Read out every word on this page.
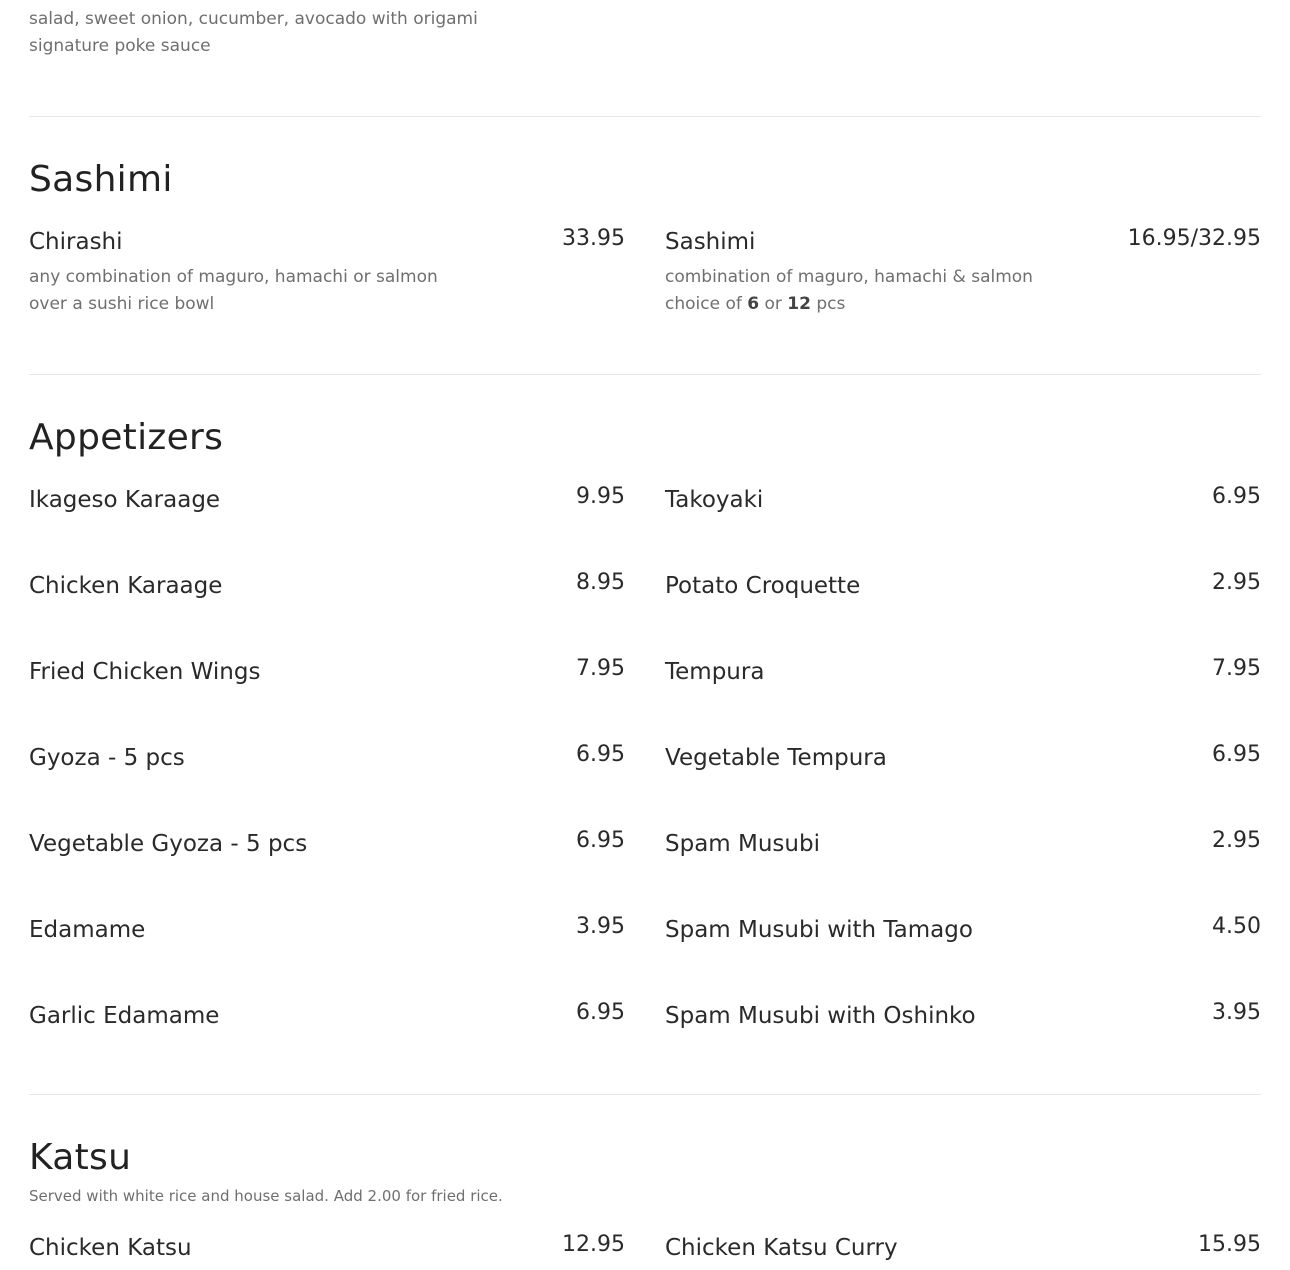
salad, sweet onion, cucumber, avocado with origami
signature poke sauce
Sashimi
Chirashi	33.95
any combination of maguro, hamachi or salmon
over a sushi rice bowl
Sashimi	16.95/32.95
combination of maguro, hamachi & salmon
choice of 6 or 12 pcs
Appetizers
Ikageso Karaage	9.95
Chicken Karaage	8.95
Fried Chicken Wings	7.95
Gyoza - 5 pcs	6.95
Vegetable Gyoza - 5 pcs	6.95
Edamame	3.95
Garlic Edamame	6.95
Takoyaki	6.95
Potato Croquette	2.95
Tempura	7.95
Vegetable Tempura	6.95
Spam Musubi	2.95
Spam Musubi with Tamago	4.50
Spam Musubi with Oshinko	3.95
Katsu
Served with white rice and house salad. Add 2.00 for fried rice.
Chicken Katsu	12.95 Chicken Katsu Curry	15.95
